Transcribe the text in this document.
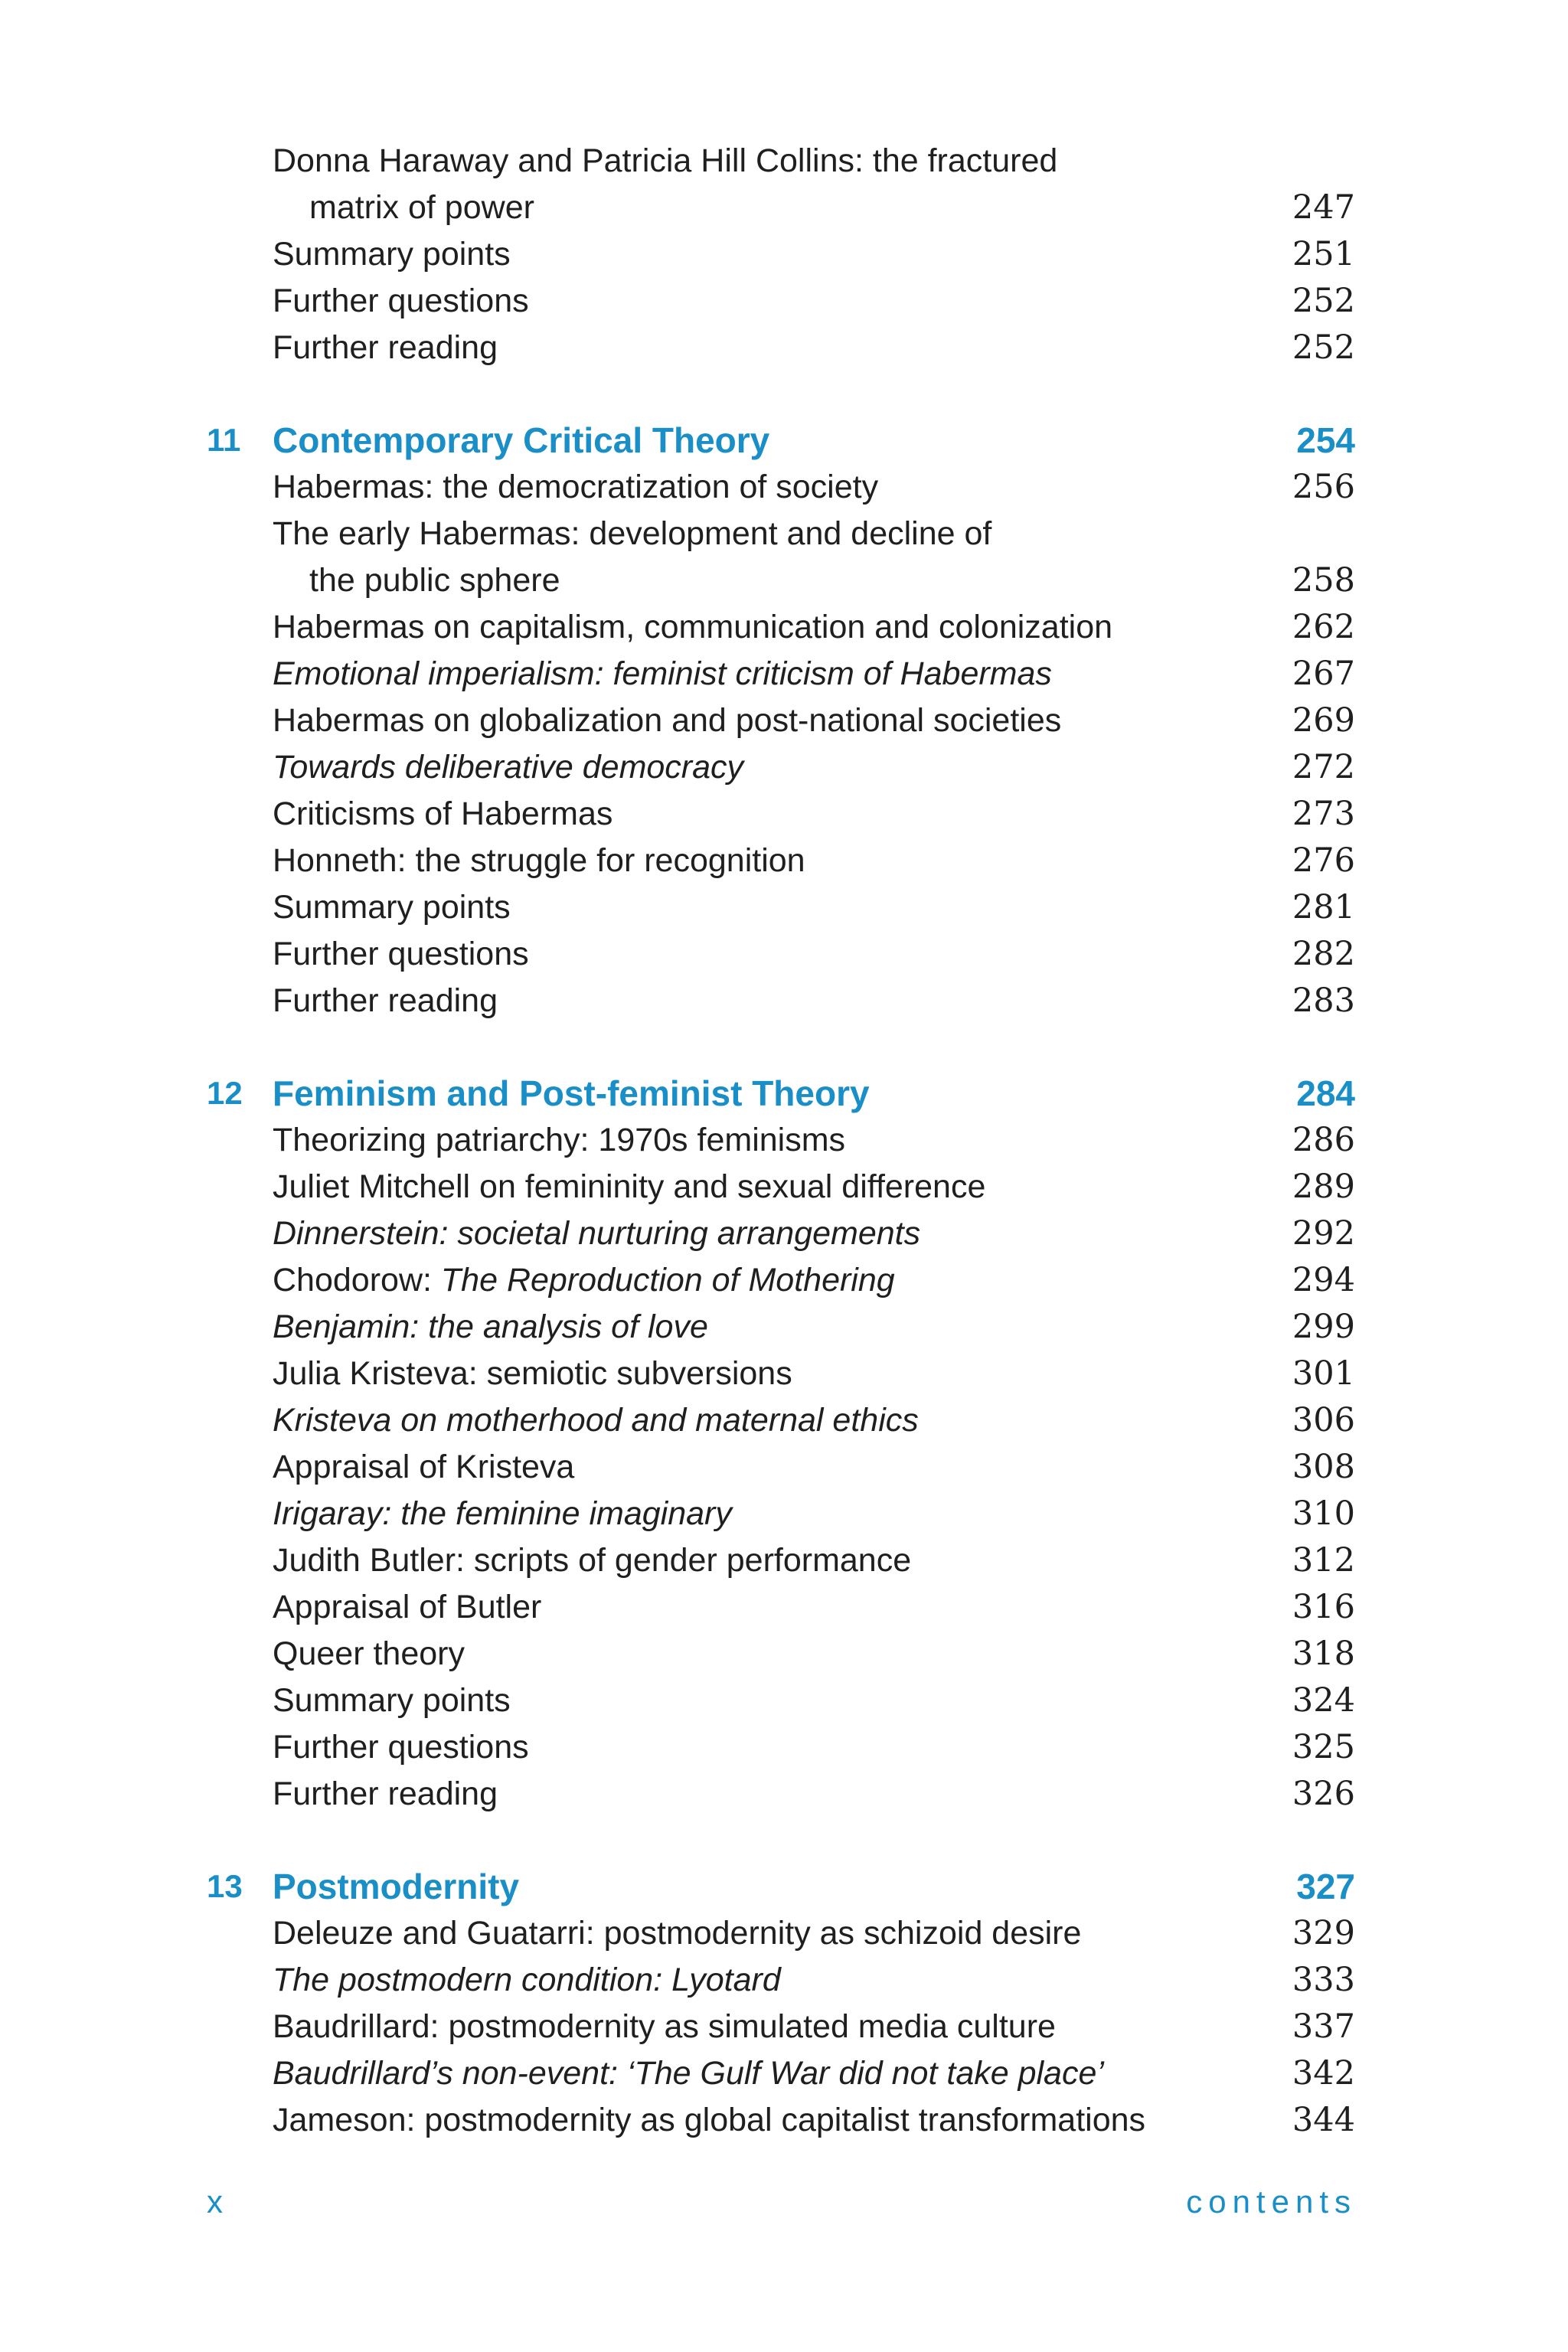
Donna Haraway and Patricia Hill Collins: the fractured
matrix of power	247
Summary points	251
Further questions	252
Further reading	252
11 Contemporary Critical Theory	254
Habermas: the democratization of society	256
The early Habermas: development and decline of
the public sphere	258
Habermas on capitalism, communication and colonization	262
Emotional imperialism: feminist criticism of Habermas	267
Habermas on globalization and post-national societies	269
Towards deliberative democracy	272
Criticisms of Habermas	273
Honneth: the struggle for recognition	276
Summary points	281
Further questions	282
Further reading	283
12 Feminism and Post-feminist Theory	284
Theorizing patriarchy: 1970s feminisms	286
Juliet Mitchell on femininity and sexual difference	289
Dinnerstein: societal nurturing arrangements	292
Chodorow: The Reproduction of Mothering	294
Benjamin: the analysis of love	299
Julia Kristeva: semiotic subversions	301
Kristeva on motherhood and maternal ethics	306
Appraisal of Kristeva	308
Irigaray: the feminine imaginary	310
Judith Butler: scripts of gender performance	312
Appraisal of Butler	316
Queer theory	318
Summary points	324
Further questions	325
Further reading	326
13 Postmodernity	327
Deleuze and Guatarri: postmodernity as schizoid desire	329
The postmodern condition: Lyotard	333
Baudrillard: postmodernity as simulated media culture	337
Baudrillard’s non-event: ‘The Gulf War did not take place’	342
Jameson: postmodernity as global capitalist transformations	344
x	contents
